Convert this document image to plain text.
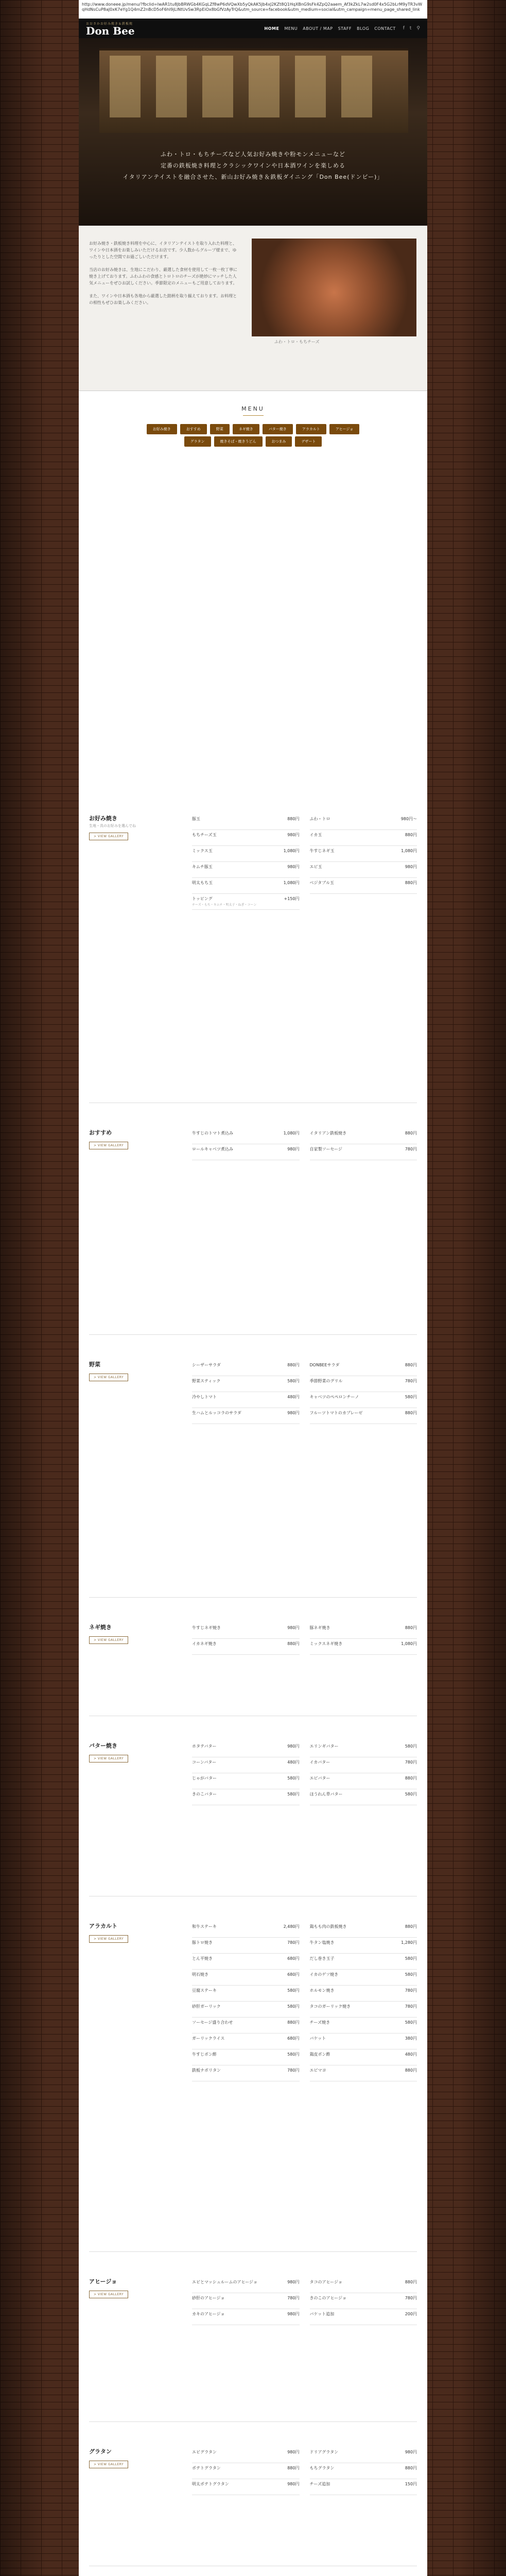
http://www.doneee.jp/menu/?fbclid=IwAR1tu8JbBRWGb4KGqLZf8wP6dVQwXb5yQkAK5Jb4xJ2KZt8Q1HqXBnG9sFk4ZpQ2aaem_Af3kZkL7w2sd0F4x5G2bLrM9yTR3vWqHdNsCuP8aJ0xK7eYg1Q4mZ2nBcD5oF6hI9jLlNtUvSw3RpEiOx8bGfVzAyTrQ&utm_source=facebook&utm_medium=social&utm_campaign=menu_page_shared_link
おおさかお好み焼き＆鉄板焼
Don Bee	HOME MENU ABOUT / MAP STAFF BLOG CONTACT f t ⚲
ふわ・トロ・もちチーズなど人気お好み焼きや粉モンメニューなど
定番の鉄板焼き料理とクラシックワインや日本酒ワインを楽しめる
イタリアンテイストを融合させた、新山お好み焼き＆鉄板ダイニング「Don Bee(ドンビー)」

お好み焼き・鉄板焼き料理を中心に、イタリアンテイストを取り入れた料理と、ワインや日本酒をお楽しみいただけるお店です。少人数からグループ様まで、ゆったりとした空間でお過ごしいただけます。

当店のお好み焼きは、生地にこだわり、厳選した食材を使用して一枚一枚丁寧に焼き上げております。ふわふわの食感とトロトロのチーズが絶妙にマッチした人気メニューをぜひお試しください。季節限定のメニューもご用意しております。

また、ワインや日本酒も各地から厳選した銘柄を取り揃えております。お料理との相性もぜひお楽しみください。

ふわ・トロ・もちチーズ
MENU
お好み焼き	おすすめ	野菜	ネギ焼き	バター焼き	アラカルト	アヒージョ
グラタン	焼きそば・焼きうどん	おつまみ	デザート
お好み焼き
生地・具のお好みを選んでね
> VIEW GALLERY
豚玉	880円	ふわ・トロ	980円〜
もちチーズ玉	980円	イカ玉	880円
ミックス玉	1,080円	牛すじネギ玉	1,080円
キムチ豚玉	980円	エビ玉	980円
明太もち玉	1,080円	ベジタブル玉	880円
トッピング
チーズ・もち・キムチ・明太子・ねぎ・コーン
+150円
おすすめ
> VIEW GALLERY
牛すじのトマト煮込み	1,080円	イタリアン鉄板焼き	880円
ロールキャベツ煮込み	980円	自家製ソーセージ	780円
野菜
> VIEW GALLERY
シーザーサラダ	880円	DONBEEサラダ	880円
野菜スティック	580円	季節野菜のグリル	780円
冷やしトマト	480円	キャベツのぺペロンチーノ	580円
生ハムとルッコラのサラダ	980円	フルーツトマトのカプレーゼ	880円
ネギ焼き
> VIEW GALLERY
牛すじネギ焼き	980円	豚ネギ焼き	880円
イカネギ焼き	880円	ミックスネギ焼き	1,080円
バター焼き
> VIEW GALLERY
ホタテバター	980円	エリンギバター	580円
コーンバター	480円	イカバター	780円
じゃがバター	580円	エビバター	880円
きのこバター	580円	ほうれん草バター	580円
アラカルト
> VIEW GALLERY
和牛ステーキ	2,480円	鶏もも肉の鉄板焼き	880円
豚トロ焼き	780円	牛タン塩焼き	1,280円
とん平焼き	680円	だし巻き玉子	580円
明石焼き	680円	イカのゲソ焼き	580円
豆腐ステーキ	580円	ホルモン焼き	780円
砂肝ガーリック	580円	タコのガーリック焼き	780円
ソーセージ盛り合わせ	880円	チーズ焼き	580円
ガーリックライス	680円	バケット	380円
牛すじポン酢	580円	鶏皮ポン酢	480円
鉄板ナポリタン	780円	エビマヨ	880円
アヒージョ
> VIEW GALLERY
エビとマッシュルームのアヒージョ	980円	タコのアヒージョ	880円
砂肝のアヒージョ	780円	きのこのアヒージョ	780円
カキのアヒージョ	980円	バケット追加	200円
グラタン
> VIEW GALLERY
エビグラタン	980円	ドリアグラタン	980円
ポテトグラタン	880円	もちグラタン	880円
明太ポテトグラタン	980円	チーズ追加	150円
